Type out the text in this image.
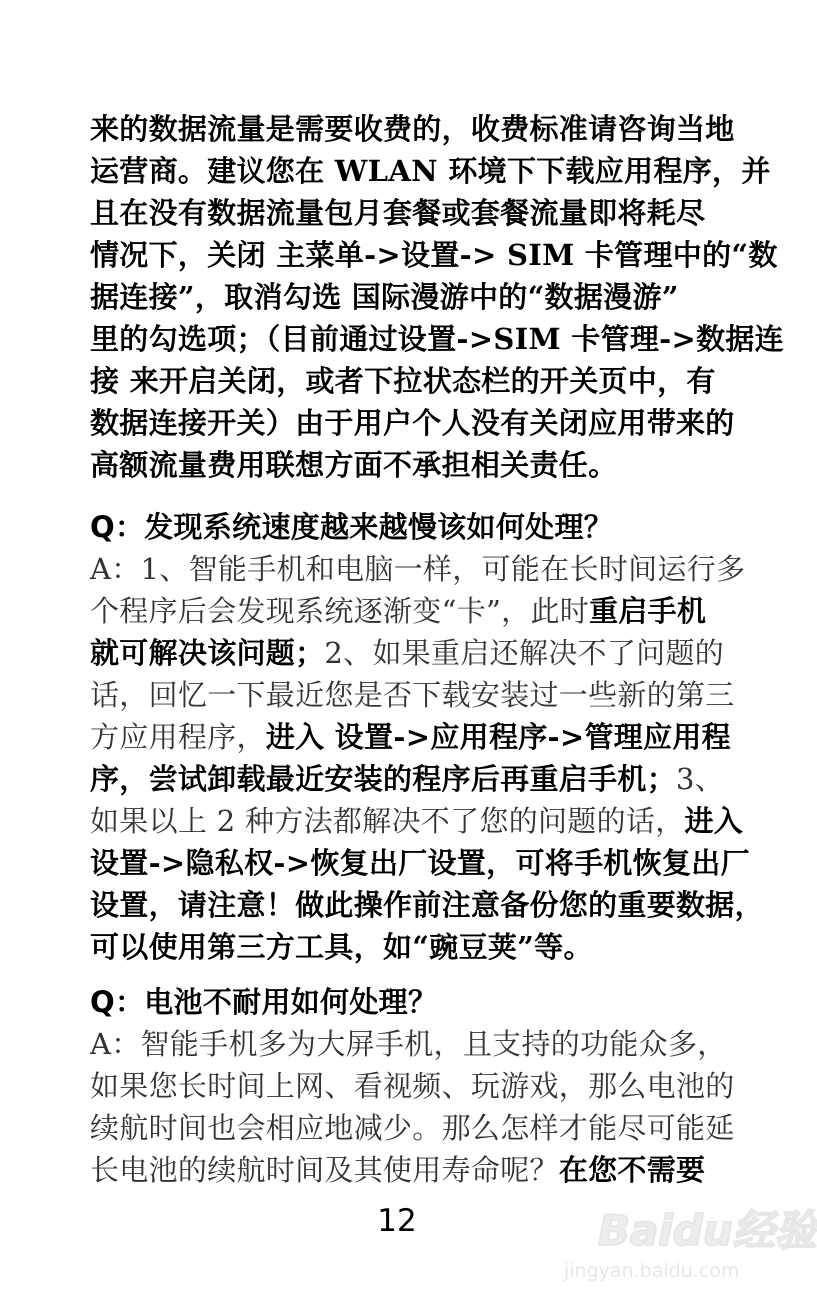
来的数据流量是需要收费的，收费标准请咨询当地
运营商。建议您在 WLAN 环境下下载应用程序，并
且在没有数据流量包月套餐或套餐流量即将耗尽
情况下，关闭 主菜单->设置-> SIM 卡管理中的“数
据连接”，取消勾选 国际漫游中的“数据漫游”
里的勾选项；（目前通过设置->SIM 卡管理->数据连
接 来开启关闭，或者下拉状态栏的开关页中，有
数据连接开关）由于用户个人没有关闭应用带来的
高额流量费用联想方面不承担相关责任。
Q：发现系统速度越来越慢该如何处理？
A：1、智能手机和电脑一样，可能在长时间运行多
个程序后会发现系统逐渐变“卡”，此时重启手机
就可解决该问题；2、如果重启还解决不了问题的
话，回忆一下最近您是否下载安装过一些新的第三
方应用程序，进入 设置->应用程序->管理应用程
序，尝试卸载最近安装的程序后再重启手机；3、
如果以上 2 种方法都解决不了您的问题的话，进入
设置->隐私权->恢复出厂设置，可将手机恢复出厂
设置，请注意！做此操作前注意备份您的重要数据，
可以使用第三方工具，如“豌豆荚”等。
Q：电池不耐用如何处理？
A：智能手机多为大屏手机，且支持的功能众多，
如果您长时间上网、看视频、玩游戏，那么电池的
续航时间也会相应地减少。那么怎样才能尽可能延
长电池的续航时间及其使用寿命呢？在您不需要
12	Baidu经验
jingyan.baidu.com
